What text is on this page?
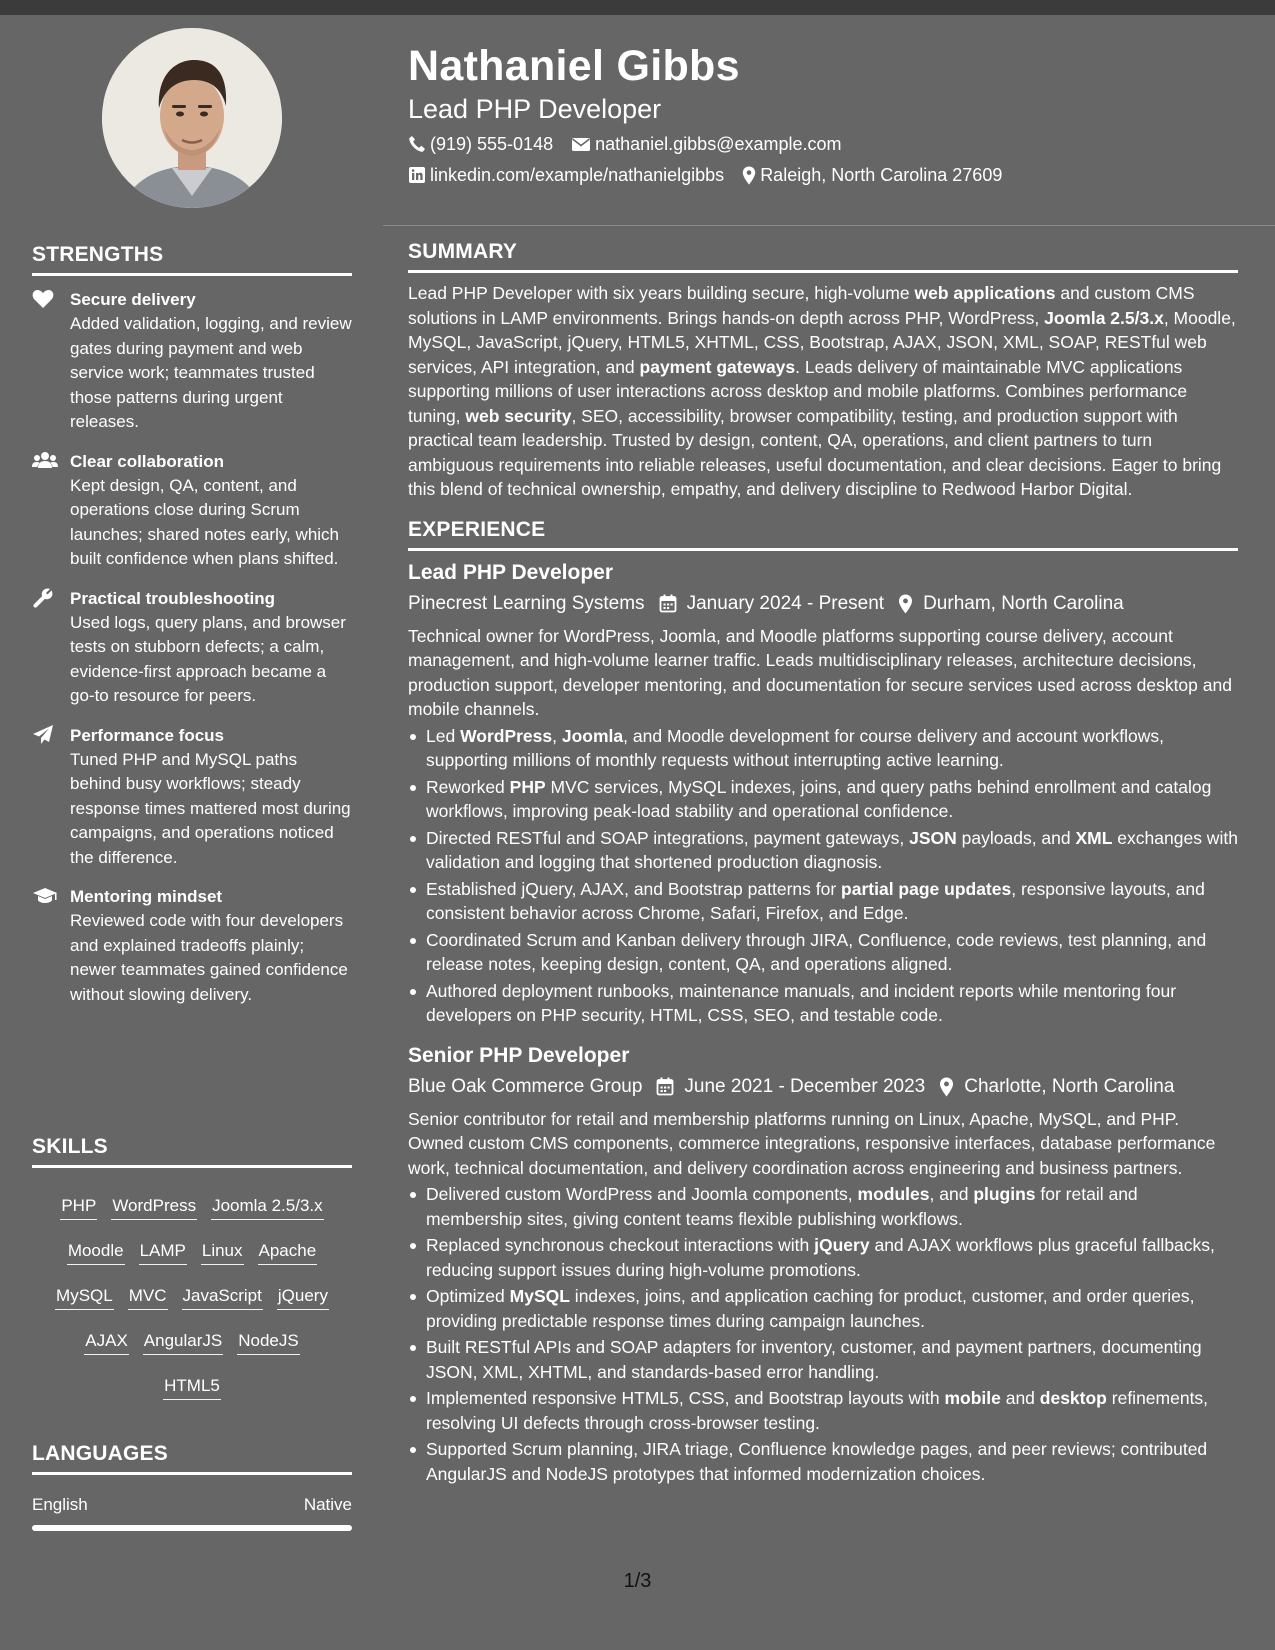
STRENGTHS
Secure delivery
Added validation, logging, and review gates during payment and web service work; teammates trusted those patterns during urgent releases.
Clear collaboration
Kept design, QA, content, and operations close during Scrum launches; shared notes early, which built confidence when plans shifted.
Practical troubleshooting
Used logs, query plans, and browser tests on stubborn defects; a calm, evidence-first approach became a go-to resource for peers.
Performance focus
Tuned PHP and MySQL paths behind busy workflows; steady response times mattered most during campaigns, and operations noticed the difference.
Mentoring mindset
Reviewed code with four developers and explained tradeoffs plainly; newer teammates gained confidence without slowing delivery.
SKILLS
PHP WordPress Joomla 2.5/3.x
Moodle LAMP Linux Apache
MySQL MVC JavaScript jQuery
AJAX AngularJS NodeJS
HTML5
LANGUAGES
English	Native
Nathaniel Gibbs
Lead PHP Developer
(919) 555-0148 nathaniel.gibbs@example.com
linkedin.com/example/nathanielgibbs Raleigh, North Carolina 27609
SUMMARY

Lead PHP Developer with six years building secure, high-volume web applications and custom CMS solutions in LAMP environments. Brings hands-on depth across PHP, WordPress, Joomla 2.5/3.x, Moodle, MySQL, JavaScript, jQuery, HTML5, XHTML, CSS, Bootstrap, AJAX, JSON, XML, SOAP, RESTful web services, API integration, and payment gateways. Leads delivery of maintainable MVC applications supporting millions of user interactions across desktop and mobile platforms. Combines performance tuning, web security, SEO, accessibility, browser compatibility, testing, and production support with practical team leadership. Trusted by design, content, QA, operations, and client partners to turn ambiguous requirements into reliable releases, useful documentation, and clear decisions. Eager to bring this blend of technical ownership, empathy, and delivery discipline to Redwood Harbor Digital.

EXPERIENCE
Lead PHP Developer
Pinecrest Learning Systems January 2024 - Present Durham, North Carolina

Technical owner for WordPress, Joomla, and Moodle platforms supporting course delivery, account management, and high-volume learner traffic. Leads multidisciplinary releases, architecture decisions, production support, developer mentoring, and documentation for secure services used across desktop and mobile channels.

Led WordPress, Joomla, and Moodle development for course delivery and account workflows, supporting millions of monthly requests without interrupting active learning.
Reworked PHP MVC services, MySQL indexes, joins, and query paths behind enrollment and catalog workflows, improving peak-load stability and operational confidence.
Directed RESTful and SOAP integrations, payment gateways, JSON payloads, and XML exchanges with validation and logging that shortened production diagnosis.
Established jQuery, AJAX, and Bootstrap patterns for partial page updates, responsive layouts, and consistent behavior across Chrome, Safari, Firefox, and Edge.
Coordinated Scrum and Kanban delivery through JIRA, Confluence, code reviews, test planning, and release notes, keeping design, content, QA, and operations aligned.
Authored deployment runbooks, maintenance manuals, and incident reports while mentoring four developers on PHP security, HTML, CSS, SEO, and testable code.
Senior PHP Developer
Blue Oak Commerce Group June 2021 - December 2023 Charlotte, North Carolina

Senior contributor for retail and membership platforms running on Linux, Apache, MySQL, and PHP. Owned custom CMS components, commerce integrations, responsive interfaces, database performance work, technical documentation, and delivery coordination across engineering and business partners.

Delivered custom WordPress and Joomla components, modules, and plugins for retail and membership sites, giving content teams flexible publishing workflows.
Replaced synchronous checkout interactions with jQuery and AJAX workflows plus graceful fallbacks, reducing support issues during high-volume promotions.
Optimized MySQL indexes, joins, and application caching for product, customer, and order queries, providing predictable response times during campaign launches.
Built RESTful APIs and SOAP adapters for inventory, customer, and payment partners, documenting JSON, XML, XHTML, and standards-based error handling.
Implemented responsive HTML5, CSS, and Bootstrap layouts with mobile and desktop refinements, resolving UI defects through cross-browser testing.
Supported Scrum planning, JIRA triage, Confluence knowledge pages, and peer reviews; contributed AngularJS and NodeJS prototypes that informed modernization choices.
1/3
